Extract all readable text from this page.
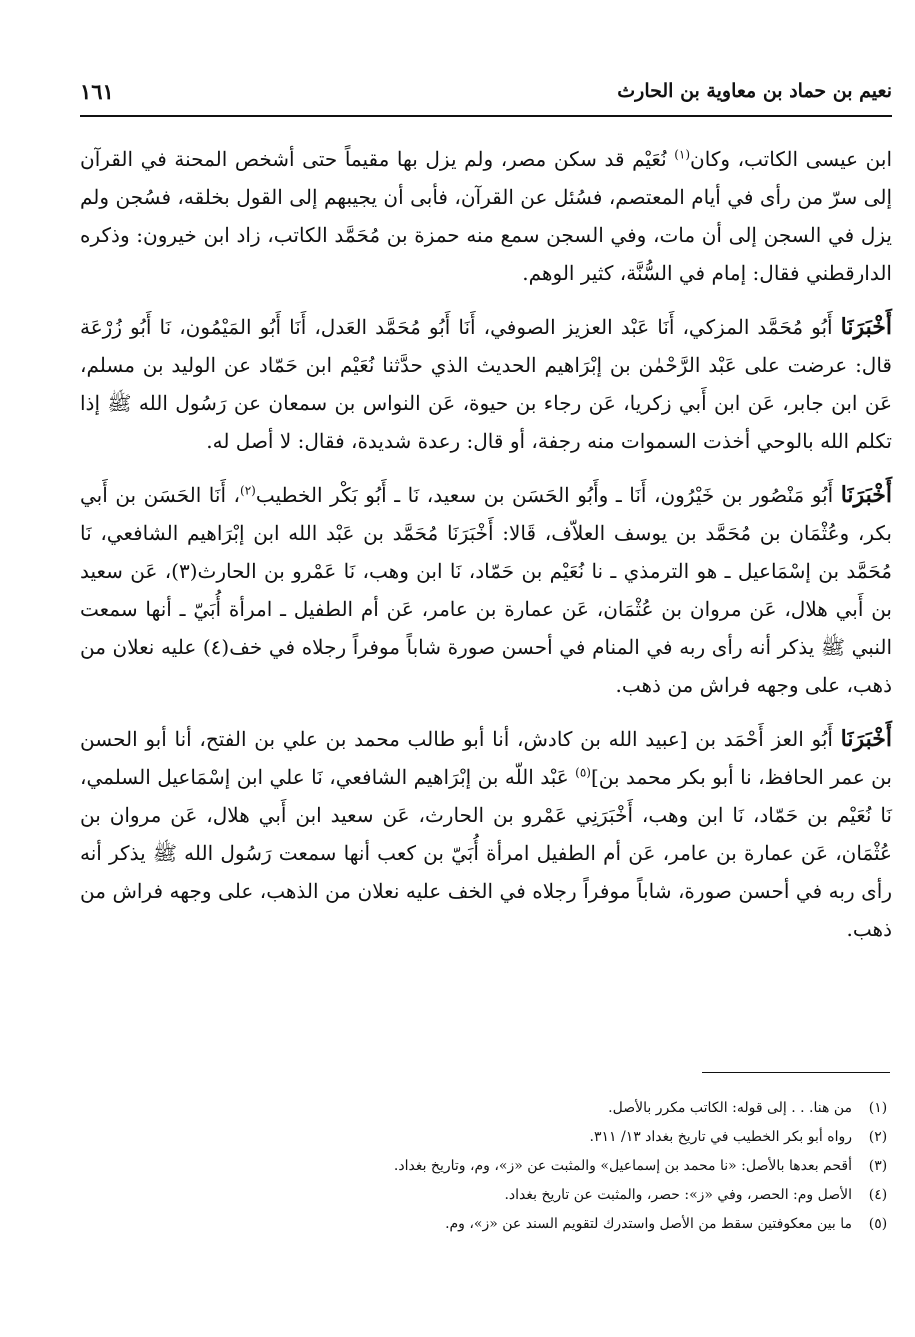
نعيم بن حماد بن معاوية بن الحارث
١٦١

ابن عيسى الكاتب، وكان$^{(١)}$ نُعَيْم قد سكن مصر، ولم يزل بها مقيماً حتى أشخص المحنة في القرآن إلى سرّ من رأى في أيام المعتصم، فسُئل عن القرآن، فأبى أن يجيبهم إلى القول بخلقه، فسُجن ولم يزل في السجن إلى أن مات، وفي السجن سمع منه حمزة بن مُحَمَّد الكاتب، زاد ابن خيرون: وذكره الدارقطني فقال: إمام في السُّنَّة، كثير الوهم.

أَخْبَرَنَا أَبُو مُحَمَّد المزكي، أَنَا عَبْد العزيز الصوفي، أَنَا أَبُو مُحَمَّد العَدل، أَنَا أَبُو المَيْمُون، نَا أَبُو زُرْعَة قال: عرضت على عَبْد الرَّحْمٰن بن إبْرَاهيم الحديث الذي حدَّثنا نُعَيْم ابن حَمّاد عن الوليد بن مسلم، عَن ابن جابر، عَن ابن أَبي زكريا، عَن رجاء بن حيوة، عَن النواس بن سمعان عن رَسُول الله ﷺ إذا تكلم الله بالوحي أخذت السموات منه رجفة، أو قال: رعدة شديدة، فقال: لا أصل له.

أَخْبَرَنَا أَبُو مَنْصُور بن خَيْرُون، أَنَا ـ وأَبُو الحَسَن بن سعيد، نَا ـ أَبُو بَكْر الخطيب$^{(٢)}$، أَنَا الحَسَن بن أَبي بكر، وعُثْمَان بن مُحَمَّد بن يوسف العلاّف، قَالا: أَخْبَرَنَا مُحَمَّد بن عَبْد الله ابن إبْرَاهيم الشافعي، نَا مُحَمَّد بن إسْمَاعيل ـ هو الترمذي ـ نا نُعَيْم بن حَمّاد، نَا ابن وهب، نَا عَمْرو بن الحارث(٣)، عَن سعيد بن أَبي هلال، عَن مروان بن عُثْمَان، عَن عمارة بن عامر، عَن أم الطفيل ـ امرأة أُبَيّ ـ أنها سمعت النبي ﷺ يذكر أنه رأى ربه في المنام في أحسن صورة شاباً موفراً رجلاه في خف(٤) عليه نعلان من ذهب، على وجهه فراش من ذهب.

أَخْبَرَنَا أَبُو العز أَحْمَد بن [عبيد الله بن كادش، أنا أبو طالب محمد بن علي بن الفتح، أنا أبو الحسن بن عمر الحافظ، نا أبو بكر محمد بن]$^{(٥)}$ عَبْد اللّه بن إبْرَاهيم الشافعي، نَا علي ابن إسْمَاعيل السلمي، نَا نُعَيْم بن حَمّاد، نَا ابن وهب، أَخْبَرَنِي عَمْرو بن الحارث، عَن سعيد ابن أَبي هلال، عَن مروان بن عُثْمَان، عَن عمارة بن عامر، عَن أم الطفيل امرأة أُبَيّ بن كعب أنها سمعت رَسُول الله ﷺ يذكر أنه رأى ربه في أحسن صورة، شاباً موفراً رجلاه في الخف عليه نعلان من الذهب، على وجهه فراش من ذهب.

(١)
من هنا. . . إلى قوله: الكاتب مكرر بالأصل.
(٢)
رواه أبو بكر الخطيب في تاريخ بغداد ١٣/ ٣١١.
(٣)
أقحم بعدها بالأصل: «نا محمد بن إسماعيل» والمثبت عن «ز»، وم، وتاريخ بغداد.
(٤)
الأصل وم: الحصر، وفي «ز»: حصر، والمثبت عن تاريخ بغداد.
(٥)
ما بين معكوفتين سقط من الأصل واستدرك لتقويم السند عن «ز»، وم.
